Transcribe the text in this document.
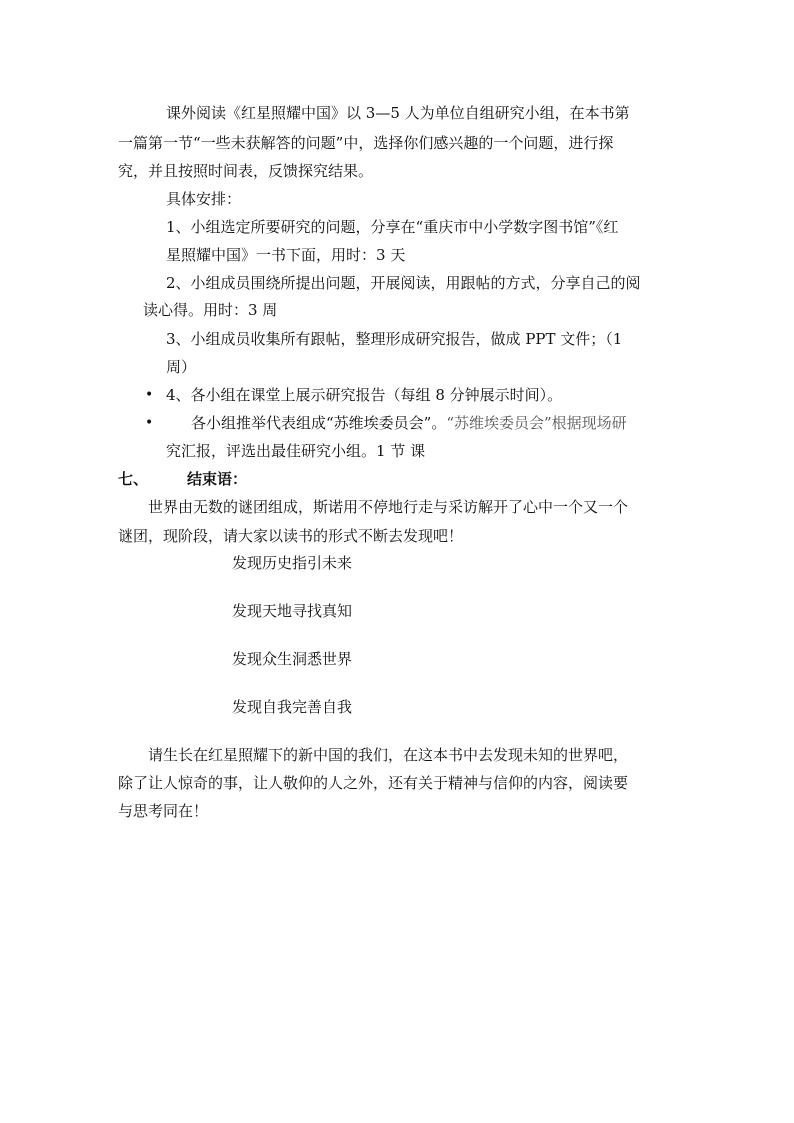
课外阅读《红星照耀中国》以 3—5 人为单位自组研究小组，在本书第
一篇第一节“一些未获解答的问题”中，选择你们感兴趣的一个问题，进行探
究，并且按照时间表，反馈探究结果。
具体安排：
1、小组选定所要研究的问题，分享在“重庆市中小学数字图书馆”《红
星照耀中国》一书下面，用时：3 天
2、小组成员围绕所提出问题，开展阅读，用跟帖的方式，分享自己的阅
读心得。用时：3 周
3、小组成员收集所有跟帖，整理形成研究报告，做成 PPT 文件；（1
周）
• 4、各小组在课堂上展示研究报告（每组 8 分钟展示时间）。
•	各小组推举代表组成“苏维埃委员会”。“苏维埃委员会”根据现场研
究汇报，评选出最佳研究小组。1 节 课
七、	结束语：
世界由无数的谜团组成，斯诺用不停地行走与采访解开了心中一个又一个
谜团，现阶段，请大家以读书的形式不断去发现吧！
发现历史指引未来
发现天地寻找真知
发现众生洞悉世界
发现自我完善自我
请生长在红星照耀下的新中国的我们，在这本书中去发现未知的世界吧，
除了让人惊奇的事，让人敬仰的人之外，还有关于精神与信仰的内容，阅读要
与思考同在！
